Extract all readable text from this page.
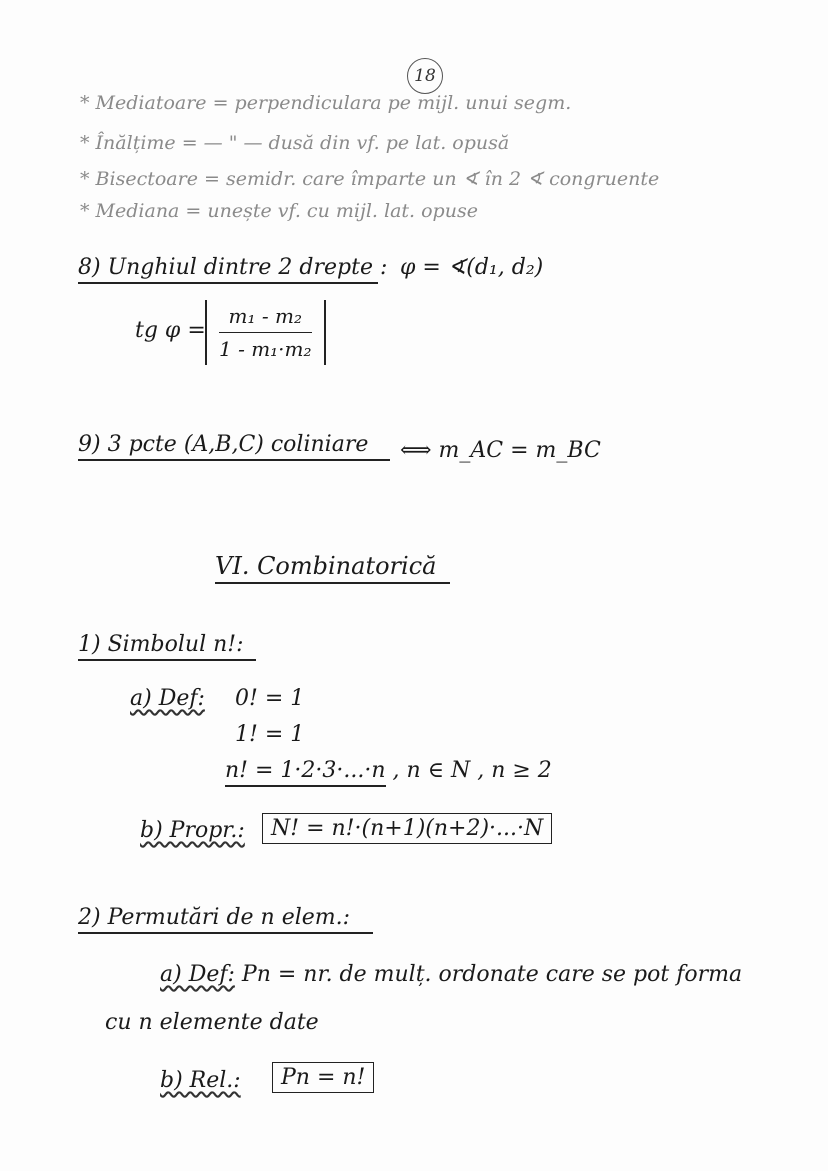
18
* Mediatoare = perpendiculara pe mijl. unui segm.
* Înălțime = — " — dusă din vf. pe lat. opusă
* Bisectoare = semidr. care împarte un ∢ în 2 ∢ congruente
* Mediana = unește vf. cu mijl. lat. opuse
8) Unghiul dintre 2 drepte : φ = ∢(d₁, d₂)
tg $\varphi = \frac{\text{m₁ - m₂}}{\text{1 - m₁·m₂}}$
9) 3 pcte (A,B,C) coliniare	⟺ m_AC = m_BC
VI. Combinatorică
1) Simbolul n!:
a) Def: 0! = 1
1! = 1
n! = 1·2·3·...·n , n ∈ N , n ≥ 2
b) Propr.:	N! = n!·(n+1)(n+2)·...·N
2) Permutări de n elem.:
a) Def: Pn = nr. de mulț. ordonate care se pot forma
cu n elemente date
b) Rel.:	Pn = n!
